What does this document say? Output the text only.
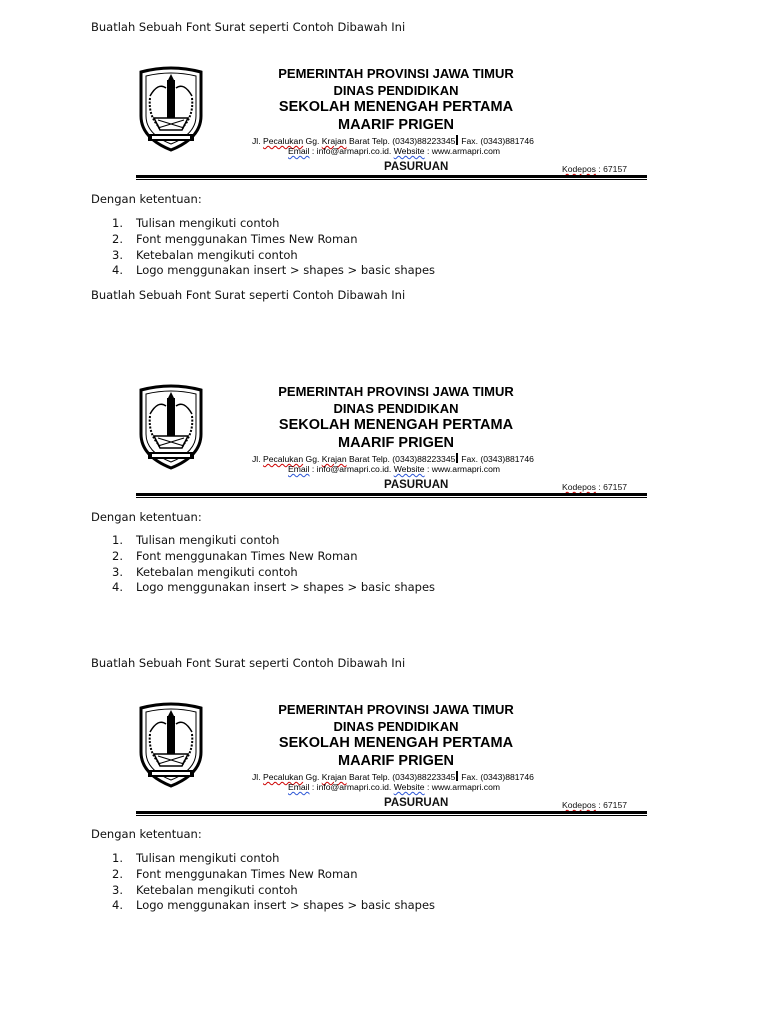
Buatlah Sebuah Font Surat seperti Contoh Dibawah Ini
PEMERINTAH PROVINSI JAWA TIMUR
DINAS PENDIDIKAN
SEKOLAH MENENGAH PERTAMA
MAARIF PRIGEN
Jl. Pecalukan Gg. Krajan Barat Telp. (0343)88223345 Fax. (0343)881746
Email : info@armapri.co.id. Website : www.armapri.com
PASURUAN	Kodepos : 67157
Dengan ketentuan:
1. Tulisan mengikuti contoh
2. Font menggunakan Times New Roman
3. Ketebalan mengikuti contoh
4. Logo menggunakan insert > shapes > basic shapes
Buatlah Sebuah Font Surat seperti Contoh Dibawah Ini
PEMERINTAH PROVINSI JAWA TIMUR
DINAS PENDIDIKAN
SEKOLAH MENENGAH PERTAMA
MAARIF PRIGEN
Jl. Pecalukan Gg. Krajan Barat Telp. (0343)88223345 Fax. (0343)881746
Email : info@armapri.co.id. Website : www.armapri.com
PASURUAN	Kodepos : 67157
Dengan ketentuan:
1. Tulisan mengikuti contoh
2. Font menggunakan Times New Roman
3. Ketebalan mengikuti contoh
4. Logo menggunakan insert > shapes > basic shapes
Buatlah Sebuah Font Surat seperti Contoh Dibawah Ini
PEMERINTAH PROVINSI JAWA TIMUR
DINAS PENDIDIKAN
SEKOLAH MENENGAH PERTAMA
MAARIF PRIGEN
Jl. Pecalukan Gg. Krajan Barat Telp. (0343)88223345 Fax. (0343)881746
Email : info@armapri.co.id. Website : www.armapri.com
PASURUAN	Kodepos : 67157
Dengan ketentuan:
1. Tulisan mengikuti contoh
2. Font menggunakan Times New Roman
3. Ketebalan mengikuti contoh
4. Logo menggunakan insert > shapes > basic shapes
